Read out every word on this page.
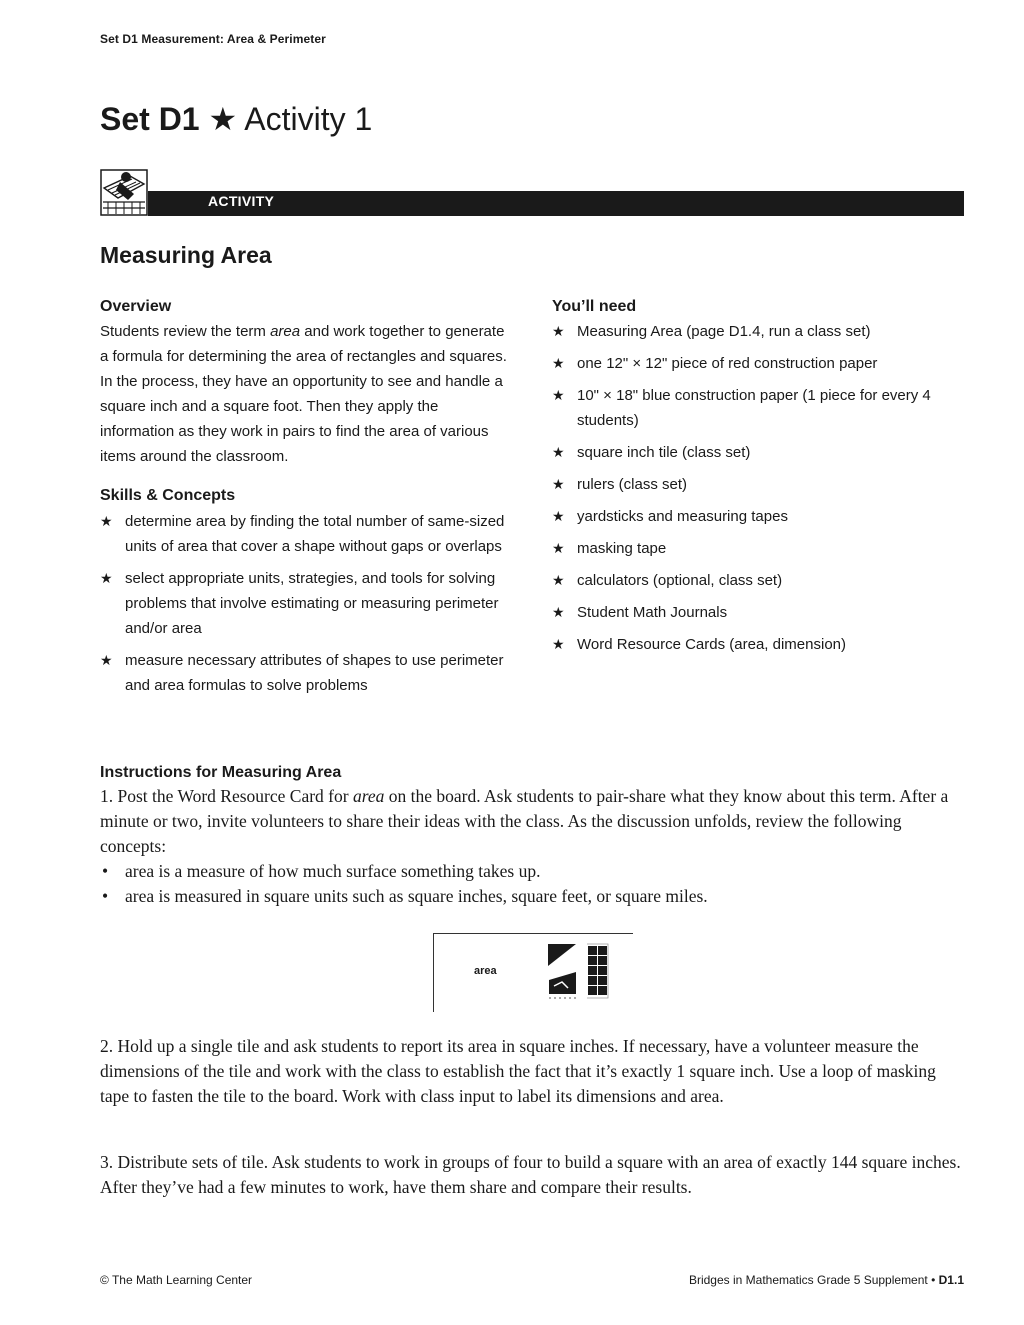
Set D1 Measurement: Area & Perimeter
Set D1 ★ Activity 1
ACTIVITY
Measuring Area
Overview
Students review the term area and work together to generate a formula for determining the area of rectangles and squares. In the process, they have an opportunity to see and handle a square inch and a square foot. Then they apply the information as they work in pairs to find the area of various items around the classroom.
Skills & Concepts
★ determine area by finding the total number of same-sized units of area that cover a shape without gaps or overlaps
★ select appropriate units, strategies, and tools for solving problems that involve estimating or measuring perimeter and/or area
★ measure necessary attributes of shapes to use perimeter and area formulas to solve problems
You’ll need
★ Measuring Area (page D1.4, run a class set)
★ one 12" × 12" piece of red construction paper
★ 10" × 18" blue construction paper (1 piece for every 4 students)
★ square inch tile (class set)
★ rulers (class set)
★ yardsticks and measuring tapes
★ masking tape
★ calculators (optional, class set)
★ Student Math Journals
★ Word Resource Cards (area, dimension)
Instructions for Measuring Area
1. Post the Word Resource Card for area on the board. Ask students to pair-share what they know about this term. After a minute or two, invite volunteers to share their ideas with the class. As the discussion unfolds, review the following concepts:
• area is a measure of how much surface something takes up.
• area is measured in square units such as square inches, square feet, or square miles.
area
2. Hold up a single tile and ask students to report its area in square inches. If necessary, have a volunteer measure the dimensions of the tile and work with the class to establish the fact that it’s exactly 1 square inch. Use a loop of masking tape to fasten the tile to the board. Work with class input to label its dimensions and area.
3. Distribute sets of tile. Ask students to work in groups of four to build a square with an area of exactly 144 square inches. After they’ve had a few minutes to work, have them share and compare their results.
© The Math Learning Center	Bridges in Mathematics Grade 5 Supplement • D1.1
